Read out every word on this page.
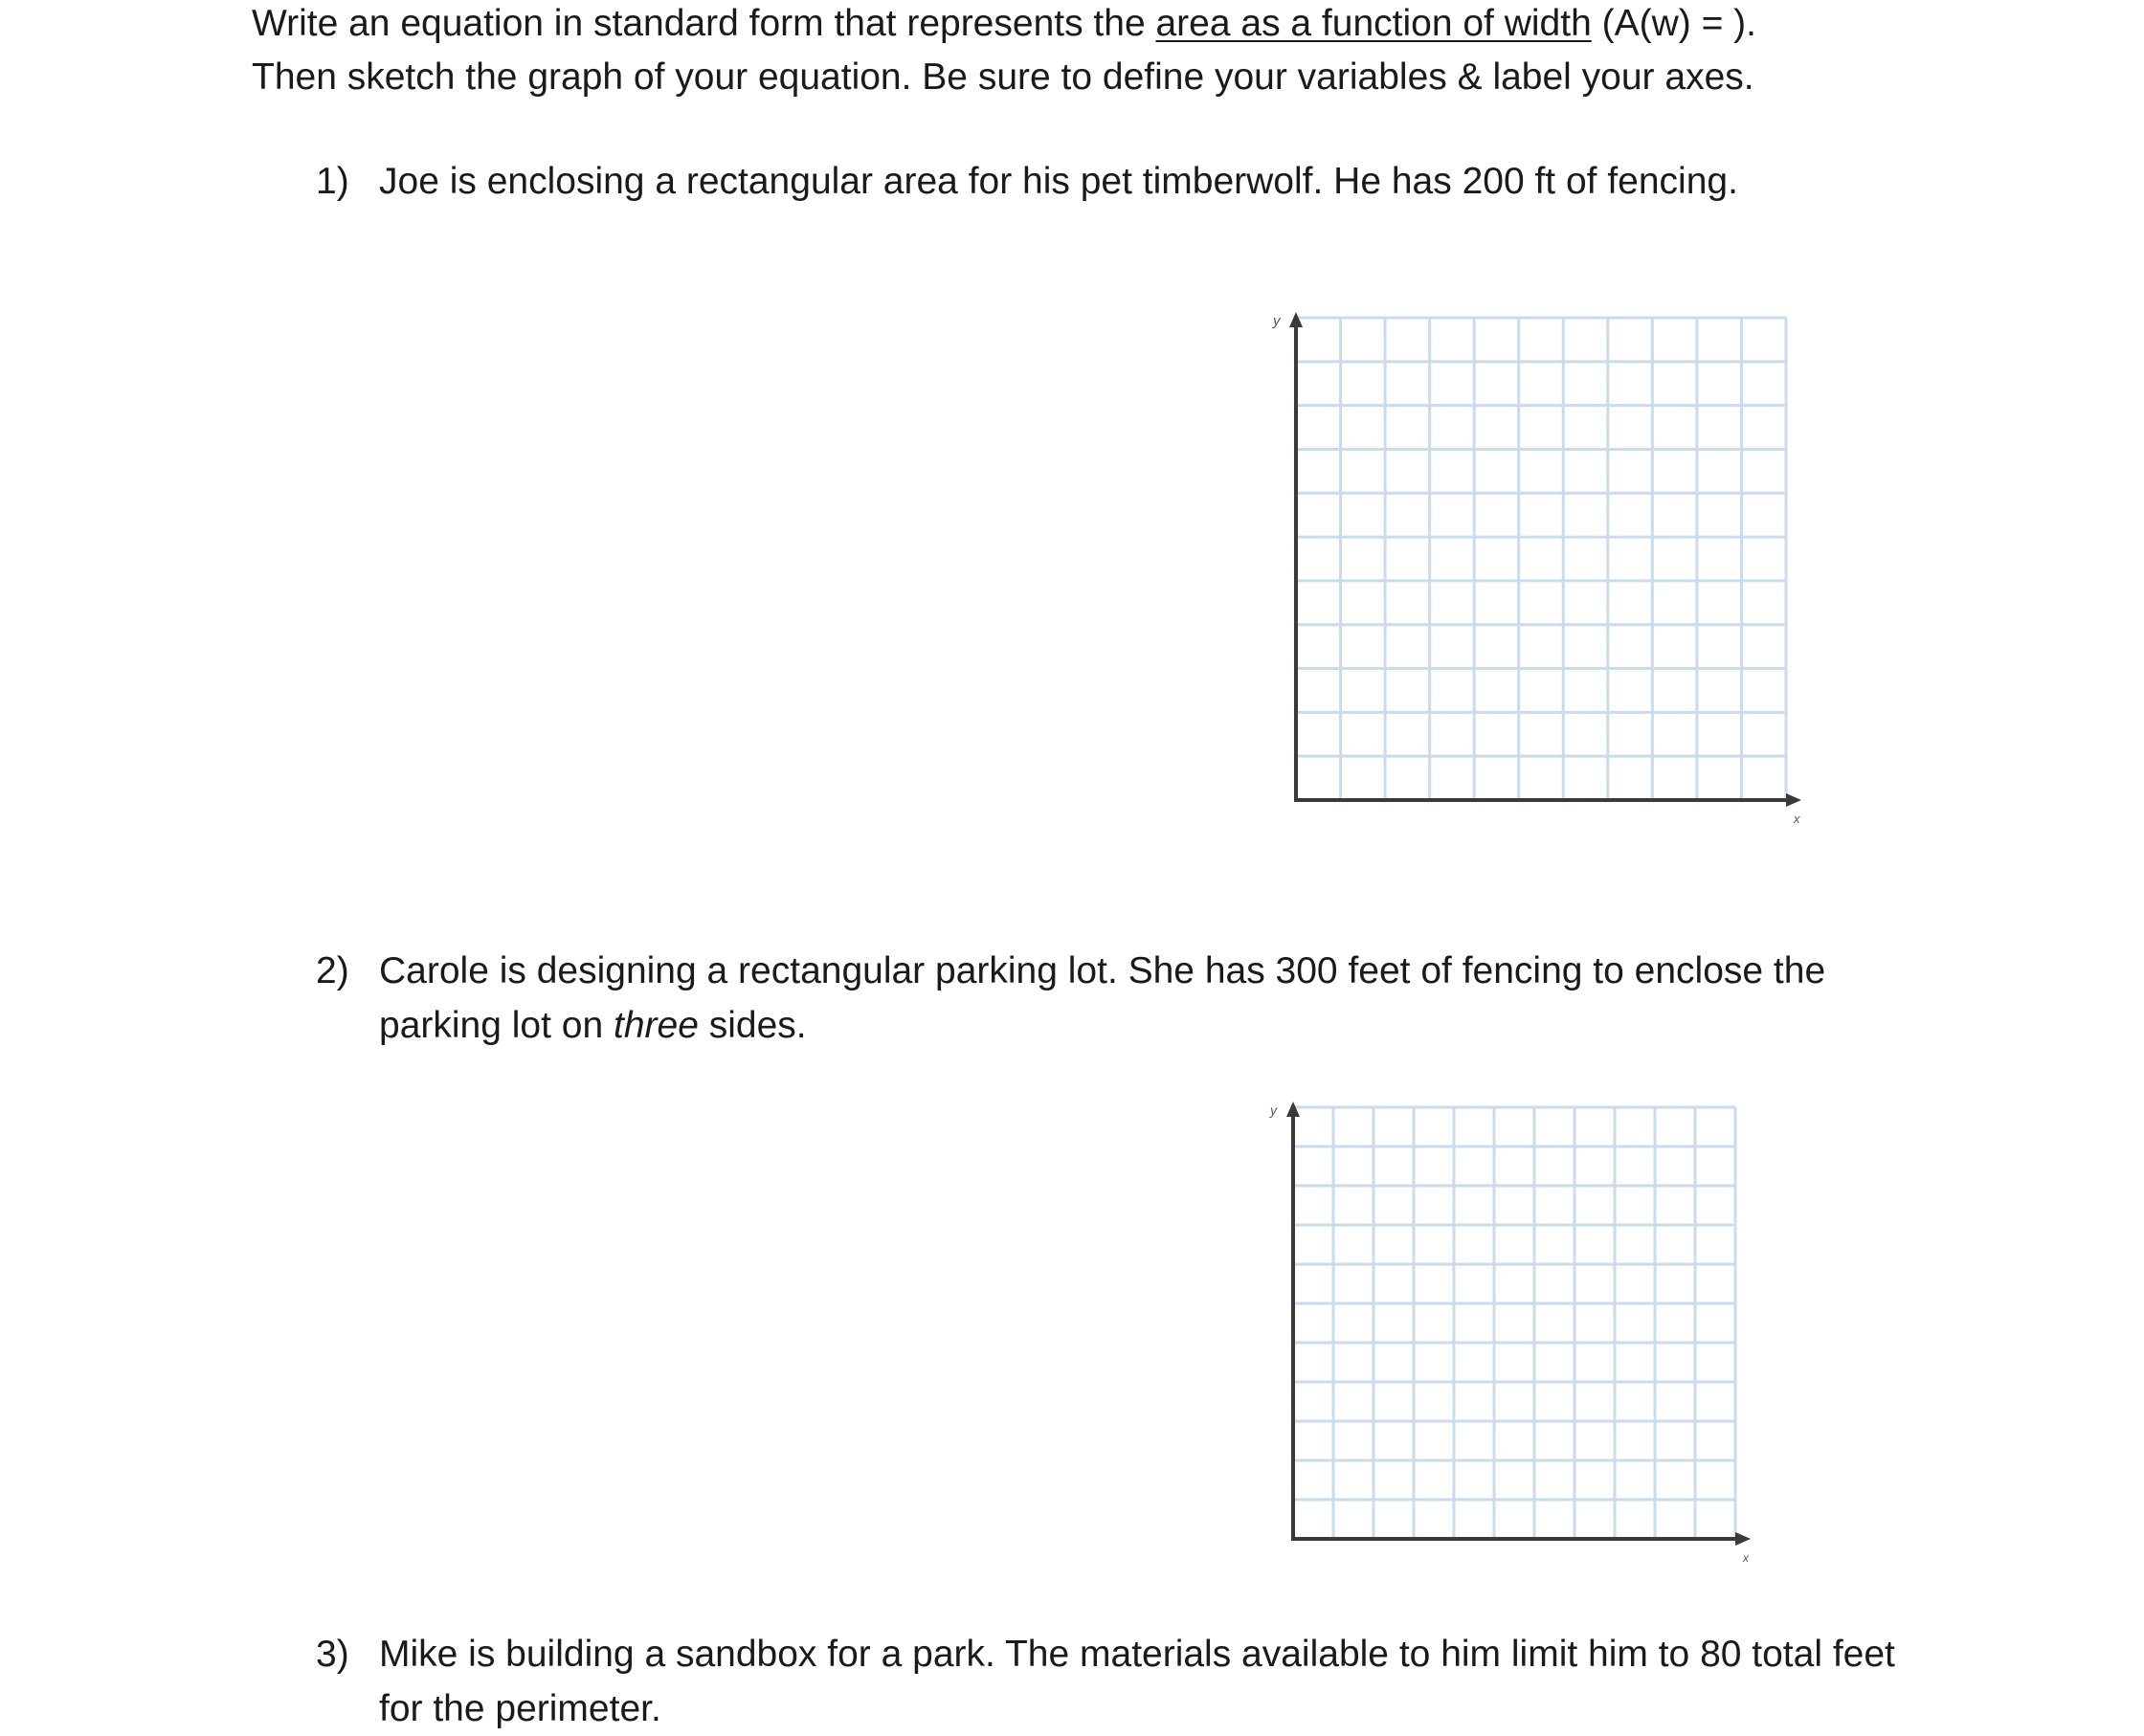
Write an equation in standard form that represents the area as a function of width (A(w) = ).
Then sketch the graph of your equation. Be sure to define your variables & label your axes.
1) Joe is enclosing a rectangular area for his pet timberwolf. He has 200 ft of fencing.
y
x
2) Carole is designing a rectangular parking lot. She has 300 feet of fencing to enclose the parking lot on three sides.
y
x
3) Mike is building a sandbox for a park. The materials available to him limit him to 80 total feet for the perimeter.
